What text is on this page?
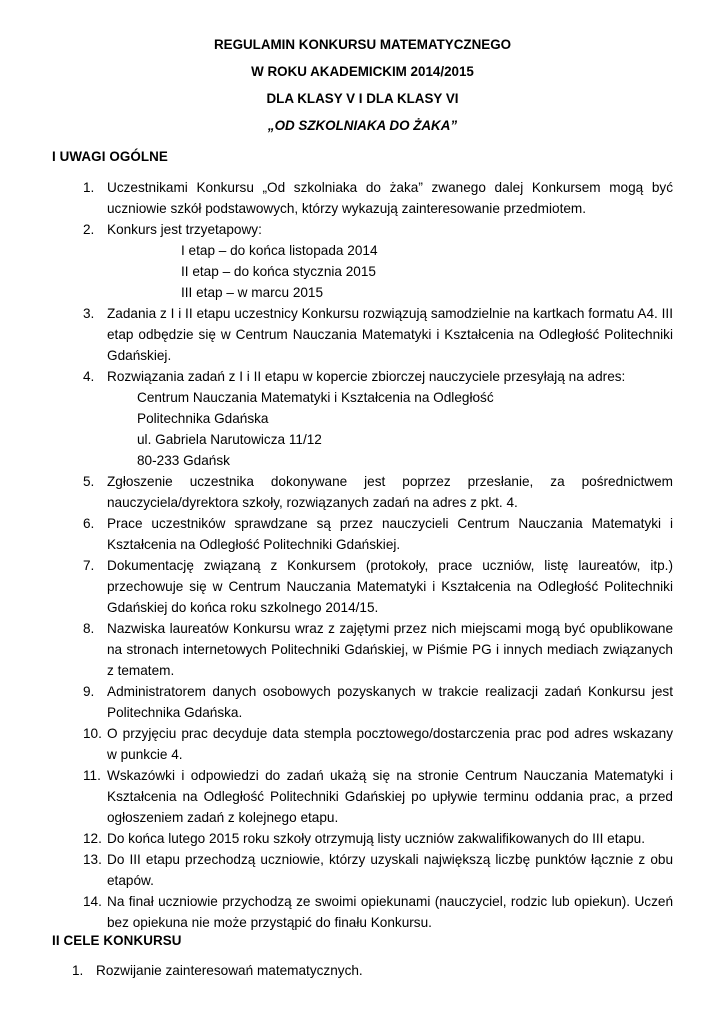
REGULAMIN KONKURSU MATEMATYCZNEGO
W ROKU AKADEMICKIM 2014/2015
DLA KLASY V I DLA KLASY VI
„OD SZKOLNIAKA DO ŻAKA”
I UWAGI OGÓLNE
1. Uczestnikami Konkursu „Od szkolniaka do żaka” zwanego dalej Konkursem mogą być uczniowie szkół podstawowych, którzy wykazują zainteresowanie przedmiotem.
2. Konkurs jest trzyetapowy:
I etap – do końca listopada 2014
II etap – do końca stycznia 2015
III etap – w marcu 2015
3. Zadania z I i II etapu uczestnicy Konkursu rozwiązują samodzielnie na kartkach formatu A4. III etap odbędzie się w Centrum Nauczania Matematyki i Kształcenia na Odległość Politechniki Gdańskiej.
4. Rozwiązania zadań z I i II etapu w kopercie zbiorczej nauczyciele przesyłają na adres:
Centrum Nauczania Matematyki i Kształcenia na Odległość
Politechnika Gdańska
ul. Gabriela Narutowicza 11/12
80-233 Gdańsk
5. Zgłoszenie uczestnika dokonywane jest poprzez przesłanie, za pośrednictwem nauczyciela/dyrektora szkoły, rozwiązanych zadań na adres z pkt. 4.
6. Prace uczestników sprawdzane są przez nauczycieli Centrum Nauczania Matematyki i Kształcenia na Odległość Politechniki Gdańskiej.
7. Dokumentację związaną z Konkursem (protokoły, prace uczniów, listę laureatów, itp.) przechowuje się w Centrum Nauczania Matematyki i Kształcenia na Odległość Politechniki Gdańskiej do końca roku szkolnego 2014/15.
8. Nazwiska laureatów Konkursu wraz z zajętymi przez nich miejscami mogą być opublikowane na stronach internetowych Politechniki Gdańskiej, w Piśmie PG i innych mediach związanych z tematem.
9. Administratorem danych osobowych pozyskanych w trakcie realizacji zadań Konkursu jest Politechnika Gdańska.
10. O przyjęciu prac decyduje data stempla pocztowego/dostarczenia prac pod adres wskazany w punkcie 4.
11. Wskazówki i odpowiedzi do zadań ukażą się na stronie Centrum Nauczania Matematyki i Kształcenia na Odległość Politechniki Gdańskiej po upływie terminu oddania prac, a przed ogłoszeniem zadań z kolejnego etapu.
12. Do końca lutego 2015 roku szkoły otrzymują listy uczniów zakwalifikowanych do III etapu.
13. Do III etapu przechodzą uczniowie, którzy uzyskali największą liczbę punktów łącznie z obu etapów.
14. Na finał uczniowie przychodzą ze swoimi opiekunami (nauczyciel, rodzic lub opiekun). Uczeń bez opiekuna nie może przystąpić do finału Konkursu.
II CELE KONKURSU
1. Rozwijanie zainteresowań matematycznych.
